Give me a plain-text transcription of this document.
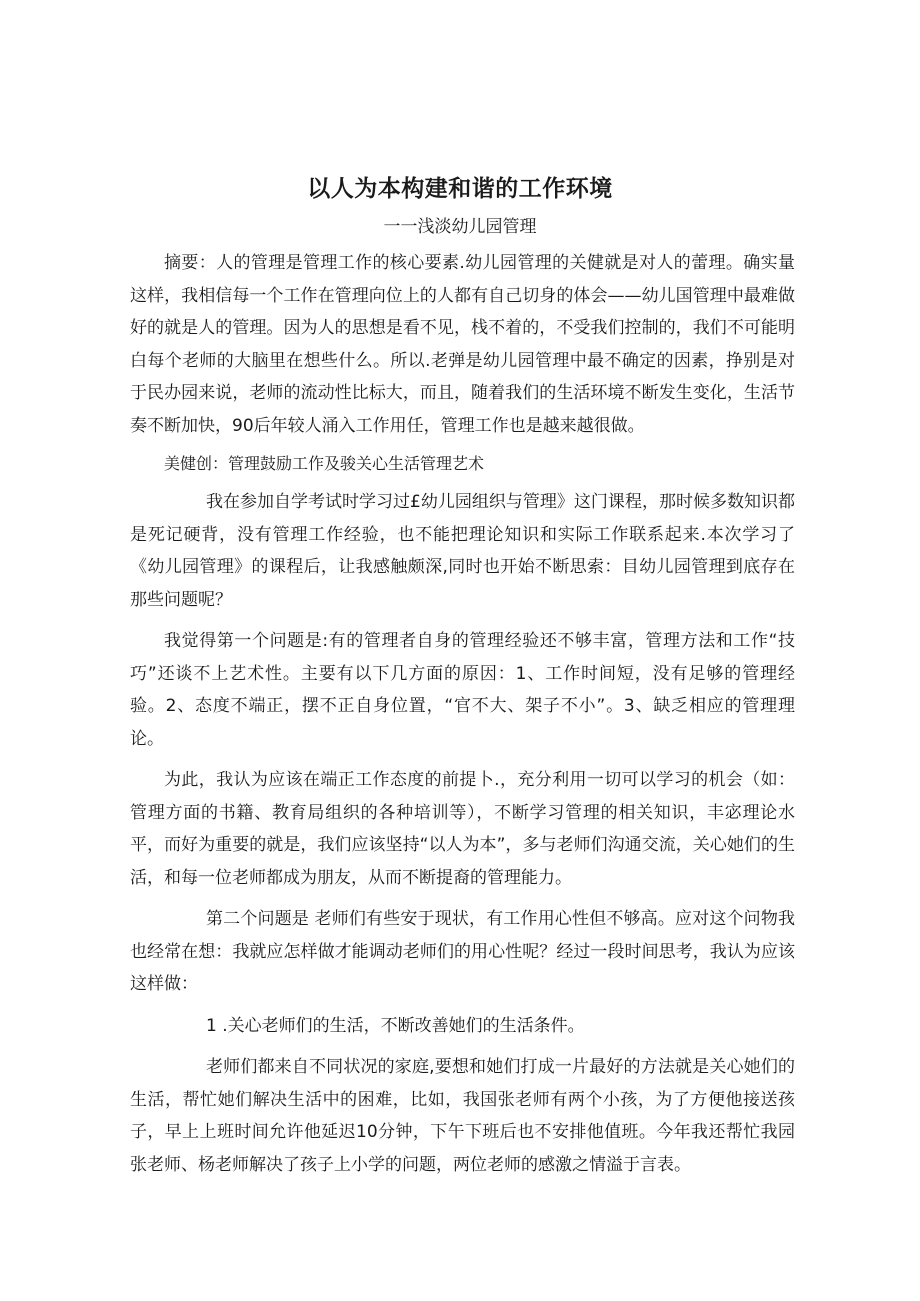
以人为本构建和谐的工作环境

一一浅淡幼儿园管理

摘要：人的管理是管理工作的核心要素.幼儿园管理的关健就是对人的蕾理。确实量这样，我相信每一个工作在管理向位上的人都有自己切身的体会——幼儿国管理中最难做好的就是人的管理。因为人的思想是看不见，栈不着的，不受我们控制的，我们不可能明白每个老师的大脑里在想些什么。所以.老弹是幼儿园管理中最不确定的因素，挣别是对于民办园来说，老师的流动性比标大，而且，随着我们的生活环境不断发生变化，生活节奏不断加快，90后年较人涌入工作用任，管理工作也是越来越很做。

美健创：管理鼓励工作及骏关心生活管理艺术

我在参加自学考试时学习过£幼儿园组织与管理》这门课程，那时候多数知识都是死记硬背，没有管理工作经验，也不能把理论知识和实际工作联系起来.本次学习了《幼儿园管理》的课程后，让我感触颇深,同时也开始不断思索：目幼儿园管理到底存在那些问题呢？

我觉得第一个问题是:有的管理者自身的管理经验还不够丰富，管理方法和工作“技巧”还谈不上艺术性。主要有以下几方面的原因：1、工作时间短，没有足够的管理经验。2、态度不端正，摆不正自身位置，“官不大、架子不小”。3、缺乏相应的管理理论。

为此，我认为应该在端正工作态度的前提卜.，充分利用一切可以学习的机会（如：管理方面的书籍、教育局组织的各种培训等），不断学习管理的相关知识，丰宓理论水平，而好为重要的就是，我们应该坚持“以人为本”，多与老师们沟通交流，关心她们的生活，和每一位老师都成为朋友，从而不断提裔的管理能力。

第二个问题是 老师们有些安于现状，有工作用心性但不够高。应对这个问物我也经常在想：我就应怎样做才能调动老师们的用心性呢？经过一段时间思考，我认为应该这样做：

1 .关心老师们的生活，不断改善她们的生活条件。

老师们都来自不同状况的家庭,要想和她们打成一片最好的方法就是关心她们的生活，帮忙她们解决生活中的困难，比如，我国张老师有两个小孩，为了方便他接送孩子，早上上班时间允许他延迟10分钟，下午下班后也不安排他值班。今年我还帮忙我园张老师、杨老师解决了孩子上小学的问题，两位老师的感激之情溢于言表。
